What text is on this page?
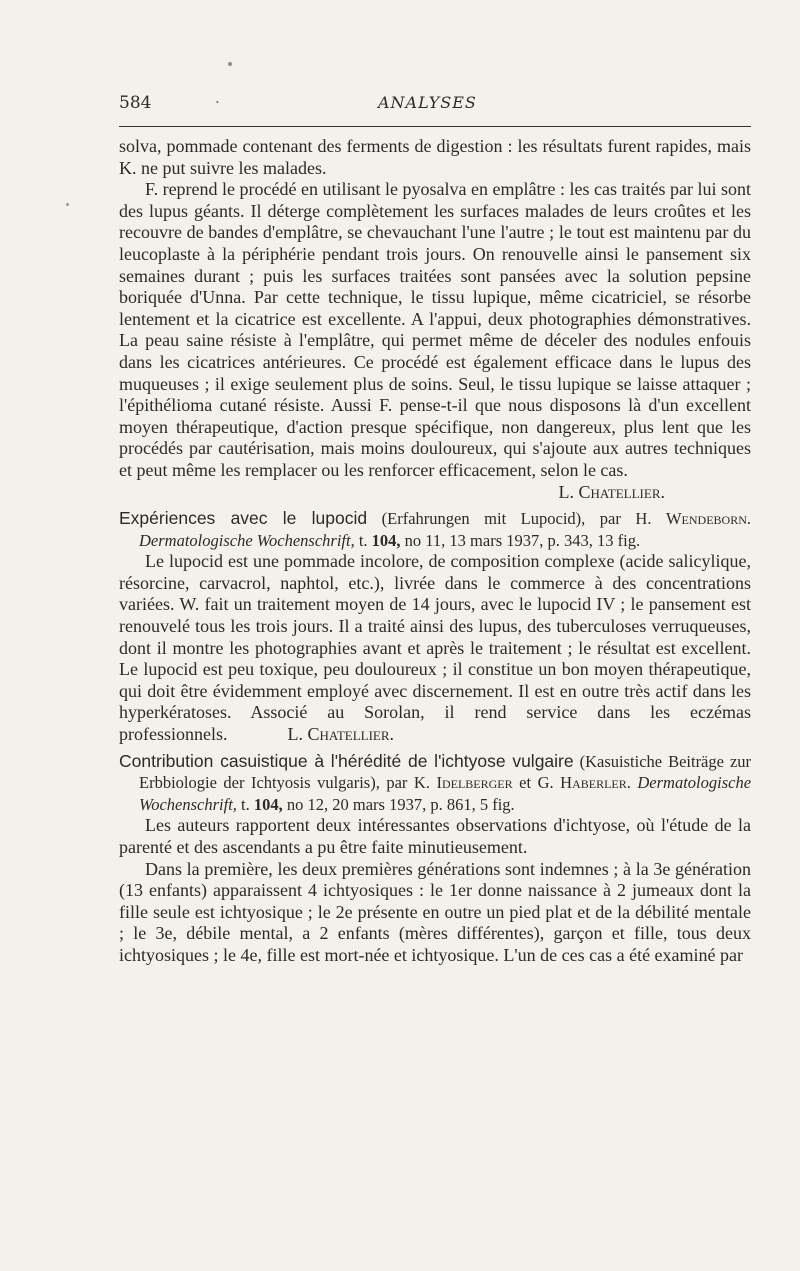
584	·	ANALYSES

solva, pommade contenant des ferments de digestion : les résultats furent rapides, mais K. ne put suivre les malades.

F. reprend le procédé en utilisant le pyosalva en emplâtre : les cas traités par lui sont des lupus géants. Il déterge complètement les surfaces malades de leurs croûtes et les recouvre de bandes d'emplâtre, se chevauchant l'une l'autre ; le tout est maintenu par du leucoplaste à la périphérie pendant trois jours. On renouvelle ainsi le pansement six semaines durant ; puis les surfaces traitées sont pansées avec la solution pepsine boriquée d'Unna. Par cette technique, le tissu lupique, même cicatriciel, se résorbe lentement et la cicatrice est excellente. A l'appui, deux photographies démonstratives. La peau saine résiste à l'emplâtre, qui permet même de déceler des nodules enfouis dans les cicatrices antérieures. Ce procédé est également efficace dans le lupus des muqueuses ; il exige seulement plus de soins. Seul, le tissu lupique se laisse attaquer ; l'épithélioma cutané résiste. Aussi F. pense-t-il que nous disposons là d'un excellent moyen thérapeutique, d'action presque spécifique, non dangereux, plus lent que les procédés par cautérisation, mais moins douloureux, qui s'ajoute aux autres techniques et peut même les remplacer ou les renforcer efficacement, selon le cas.

L. Chatellier.

Expériences avec le lupocid (Erfahrungen mit Lupocid), par H. Wendeborn. Dermatologische Wochenschrift, t. 104, no 11, 13 mars 1937, p. 343, 13 fig.

Le lupocid est une pommade incolore, de composition complexe (acide salicylique, résorcine, carvacrol, naphtol, etc.), livrée dans le commerce à des concentrations variées. W. fait un traitement moyen de 14 jours, avec le lupocid IV ; le pansement est renouvelé tous les trois jours. Il a traité ainsi des lupus, des tuberculoses verruqueuses, dont il montre les photographies avant et après le traitement ; le résultat est excellent. Le lupocid est peu toxique, peu douloureux ; il constitue un bon moyen thérapeutique, qui doit être évidemment employé avec discernement. Il est en outre très actif dans les hyperkératoses. Associé au Sorolan, il rend service dans les eczémas professionnels.	L. Chatellier.

Contribution casuistique à l'hérédité de l'ichtyose vulgaire (Kasuistiche Beiträge zur Erbbiologie der Ichtyosis vulgaris), par K. Idelberger et G. Haberler. Dermatologische Wochenschrift, t. 104, no 12, 20 mars 1937, p. 861, 5 fig.

Les auteurs rapportent deux intéressantes observations d'ichtyose, où l'étude de la parenté et des ascendants a pu être faite minutieusement.

Dans la première, les deux premières générations sont indemnes ; à la 3e génération (13 enfants) apparaissent 4 ichtyosiques : le 1er donne naissance à 2 jumeaux dont la fille seule est ichtyosique ; le 2e présente en outre un pied plat et de la débilité mentale ; le 3e, débile mental, a 2 enfants (mères différentes), garçon et fille, tous deux ichtyosiques ; le 4e, fille est mort-née et ichtyosique. L'un de ces cas a été examiné par
